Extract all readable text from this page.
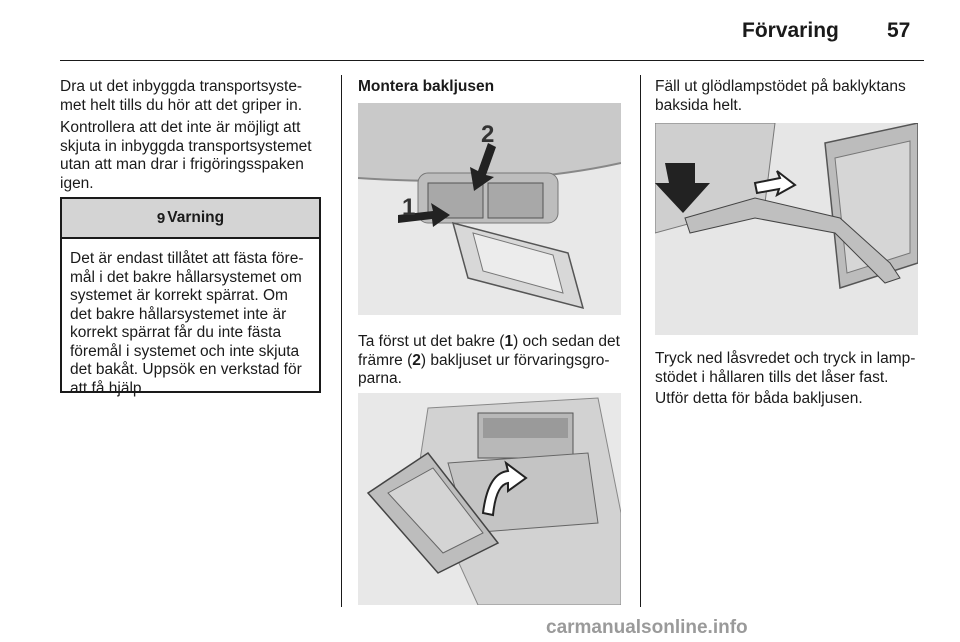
Förvaring 57

Dra ut det inbyggda transportsyste-met helt tills du hör att det griper in.

Kontrollera att det inte är möjligt att skjuta in inbyggda transportsystemet utan att man drar i frigöringsspaken igen.

9 Varning
Det är endast tillåtet att fästa före-mål i det bakre hållarsystemet om systemet är korrekt spärrat. Om det bakre hållarsystemet inte är korrekt spärrat får du inte fästa föremål i systemet och inte skjuta det bakåt. Uppsök en verkstad för att få hjälp.
Montera bakljusen
1
2

Ta först ut det bakre (1) och sedan det främre (2) bakljuset ur förvaringsgro-parna.

Fäll ut glödlampstödet på baklyktans baksida helt.

Tryck ned låsvredet och tryck in lamp-stödet i hållaren tills det låser fast.

Utför detta för båda bakljusen.

carmanualsonline.info
